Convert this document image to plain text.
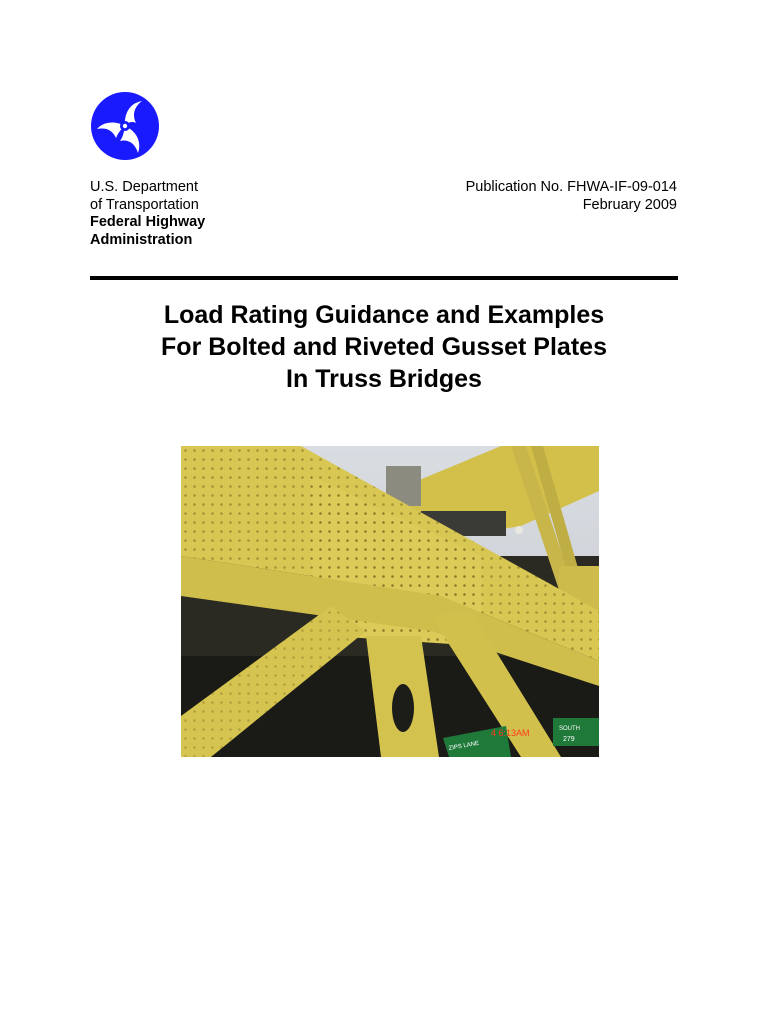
U.S. Department
of Transportation
Federal Highway
Administration
Publication No. FHWA-IF-09-014
February 2009
Load Rating Guidance and Examples
For Bolted and Riveted Gusset Plates
In Truss Bridges
4 6:13AM
ZIPS LANE
SOUTH
279
